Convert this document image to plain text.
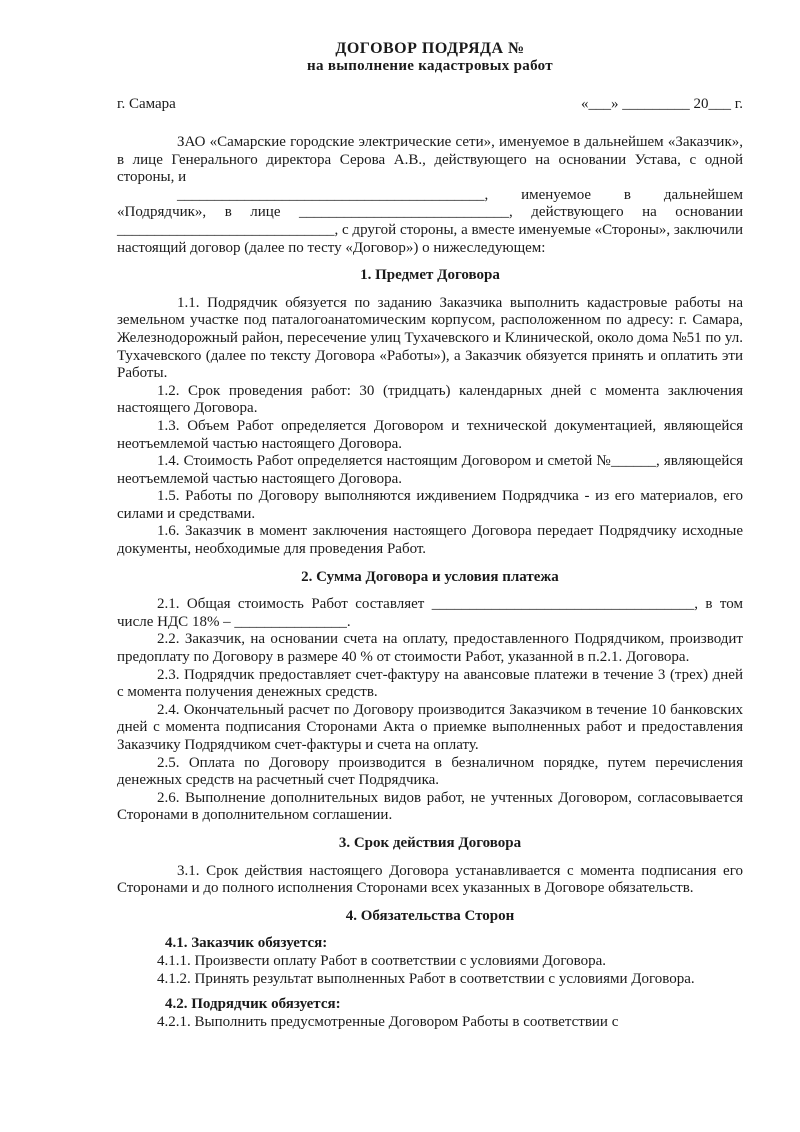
ДОГОВОР ПОДРЯДА №
на выполнение кадастровых работ
г. Самара	«___» _________ 20___ г.

ЗАО «Самарские городские электрические сети», именуемое в дальнейшем «Заказчик», в лице Генерального директора Серова А.В., действующего на основании Устава, с одной стороны, и

_________________________________________, именуемое в дальнейшем «Подрядчик», в лице ____________________________, действующего на основании _____________________________, с другой стороны, а вместе именуемые «Стороны», заключили настоящий договор (далее по тесту «Договор») о нижеследующем:

1. Предмет Договора

1.1. Подрядчик обязуется по заданию Заказчика выполнить кадастровые работы на земельном участке под паталогоанатомическим корпусом, расположенном по адресу: г. Самара, Железнодорожный район, пересечение улиц Тухачевского и Клинической, около дома №51 по ул. Тухачевского (далее по тексту Договора «Работы»), а Заказчик обязуется принять и оплатить эти Работы.

1.2. Срок проведения работ: 30 (тридцать) календарных дней с момента заключения настоящего Договора.

1.3. Объем Работ определяется Договором и технической документацией, являющейся неотъемлемой частью настоящего Договора.

1.4. Стоимость Работ определяется настоящим Договором и сметой №______, являющейся неотъемлемой частью настоящего Договора.

1.5. Работы по Договору выполняются иждивением Подрядчика - из его материалов, его силами и средствами.

1.6. Заказчик в момент заключения настоящего Договора передает Подрядчику исходные документы, необходимые для проведения Работ.

2. Сумма Договора и условия платежа

2.1. Общая стоимость Работ составляет ___________________________________, в том числе НДС 18% – _______________.

2.2. Заказчик, на основании счета на оплату, предоставленного Подрядчиком, производит предоплату по Договору в размере 40 % от стоимости Работ, указанной в п.2.1. Договора.

2.3. Подрядчик предоставляет счет-фактуру на авансовые платежи в течение 3 (трех) дней с момента получения денежных средств.

2.4. Окончательный расчет по Договору производится Заказчиком в течение 10 банковских дней с момента подписания Сторонами Акта о приемке выполненных работ и предоставления Заказчику Подрядчиком счет-фактуры и счета на оплату.

2.5. Оплата по Договору производится в безналичном порядке, путем перечисления денежных средств на расчетный счет Подрядчика.

2.6. Выполнение дополнительных видов работ, не учтенных Договором, согласовывается Сторонами в дополнительном соглашении.

3. Срок действия Договора

3.1. Срок действия настоящего Договора устанавливается с момента подписания его Сторонами и до полного исполнения Сторонами всех указанных в Договоре обязательств.

4. Обязательства Сторон

4.1. Заказчик обязуется:

4.1.1. Произвести оплату Работ в соответствии с условиями Договора.

4.1.2. Принять результат выполненных Работ в соответствии с условиями Договора.

4.2. Подрядчик обязуется:

4.2.1. Выполнить предусмотренные Договором Работы в соответствии с
